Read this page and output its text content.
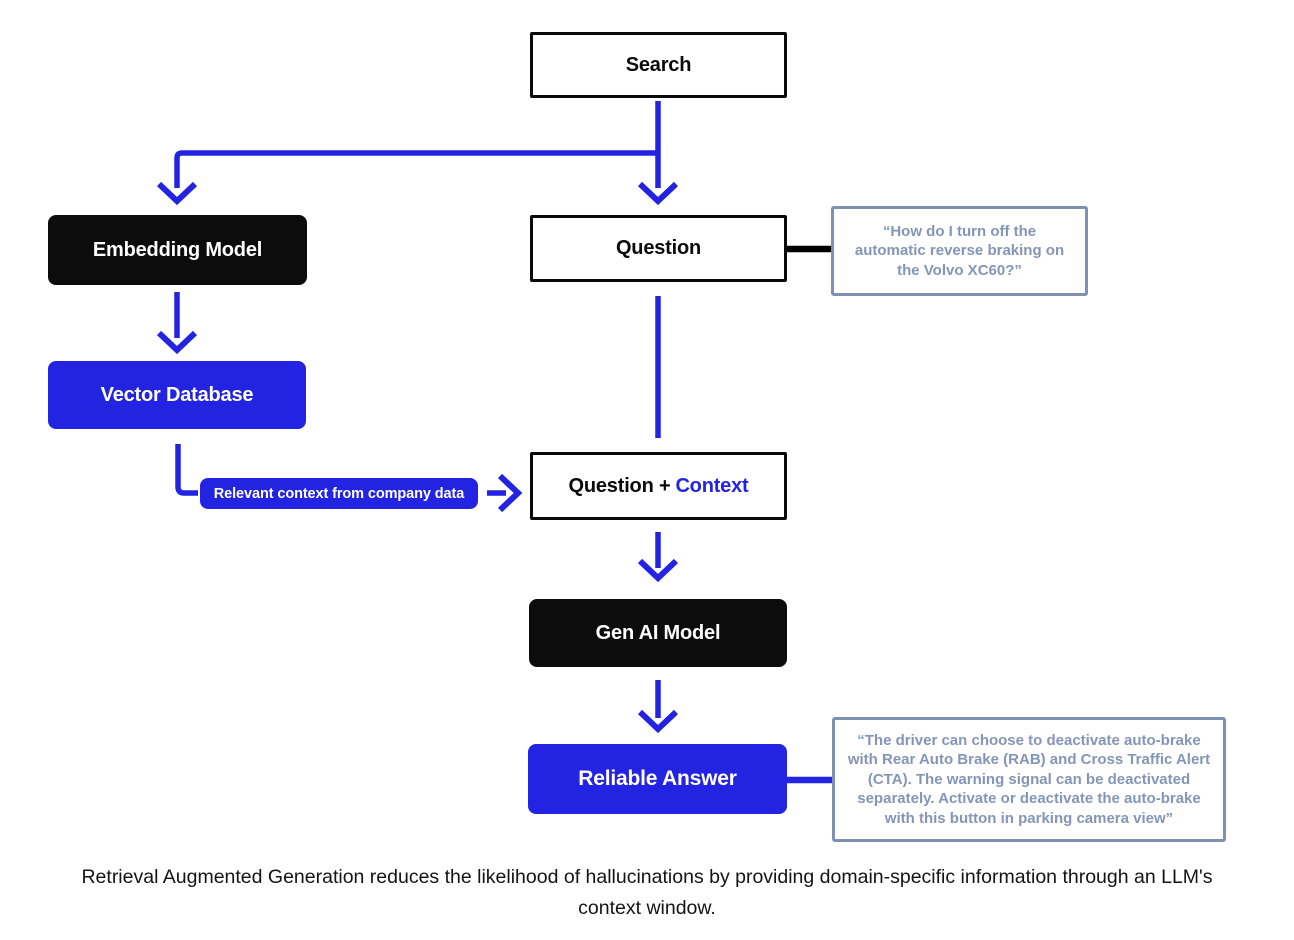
Search
Embedding Model	Question
“How do I turn off the automatic reverse braking on the Volvo XC60?”
Vector Database
Relevant context from company data	Question + Context
Gen AI Model
Reliable Answer
“The driver can choose to deactivate auto-brake with Rear Auto Brake (RAB) and Cross Traffic Alert (CTA). The warning signal can be deactivated separately. Activate or deactivate the auto-brake with this button in parking camera view”
Retrieval Augmented Generation reduces the likelihood of hallucinations by providing domain-specific information through an LLM's context window.
